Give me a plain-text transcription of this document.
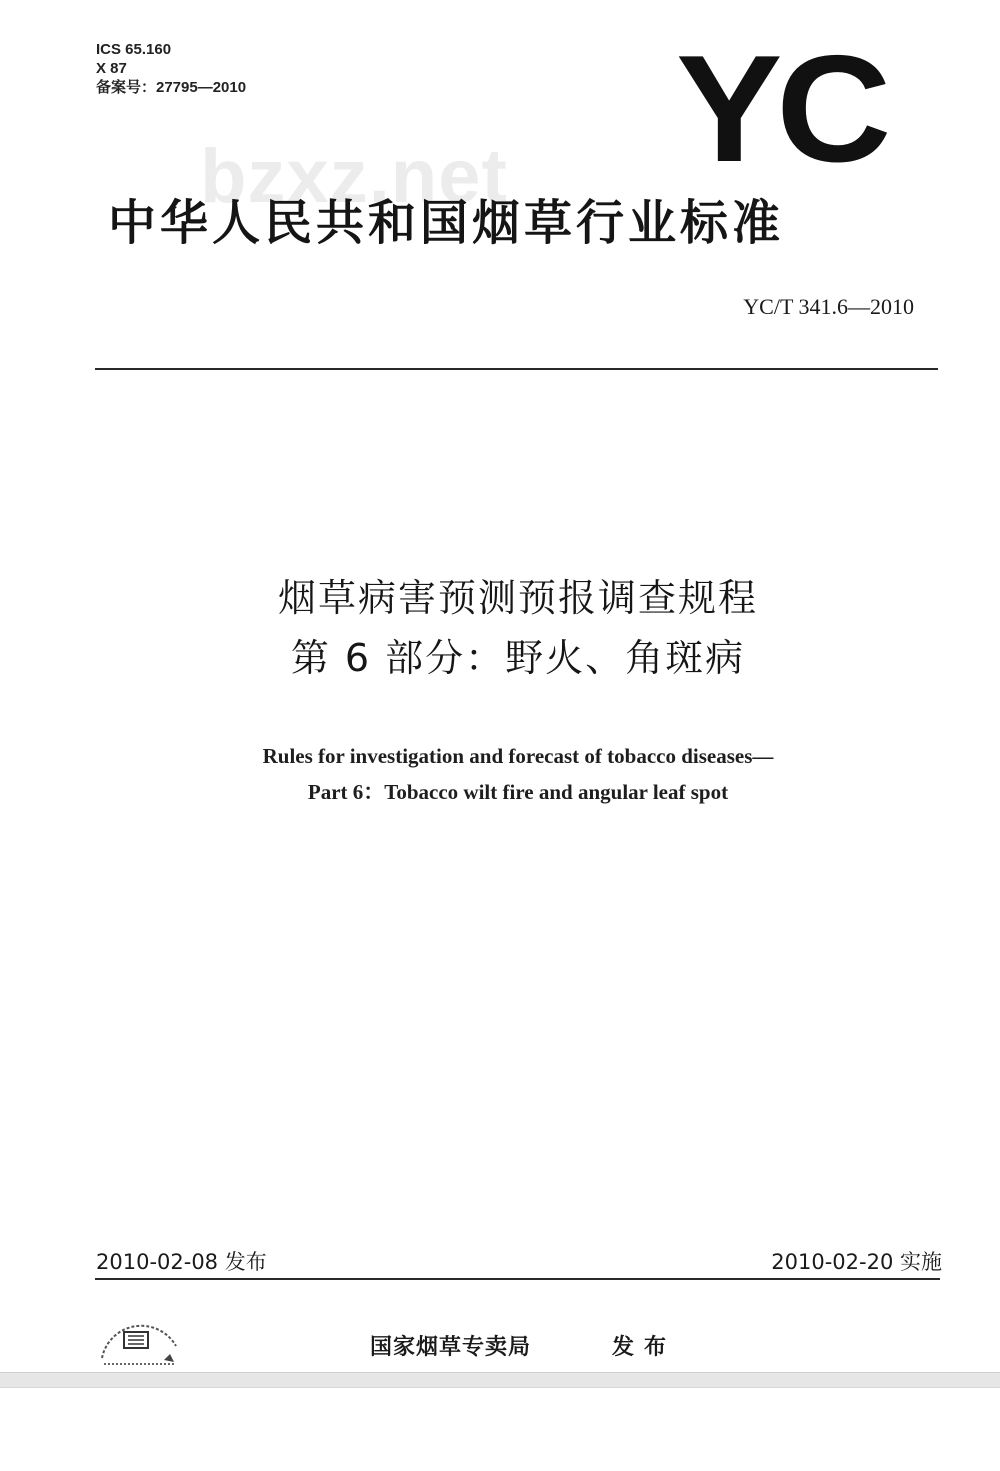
ICS 65.160
X 87
备案号：27795—2010	YC
bzxz.net
中华人民共和国烟草行业标准
YC/T 341.6—2010
烟草病害预测预报调查规程
第 6 部分：野火、角斑病
Rules for investigation and forecast of tobacco diseases—
Part 6：Tobacco wilt fire and angular leaf spot
2010-02-08 发布	2010-02-20 实施
国家烟草专卖局	发布
